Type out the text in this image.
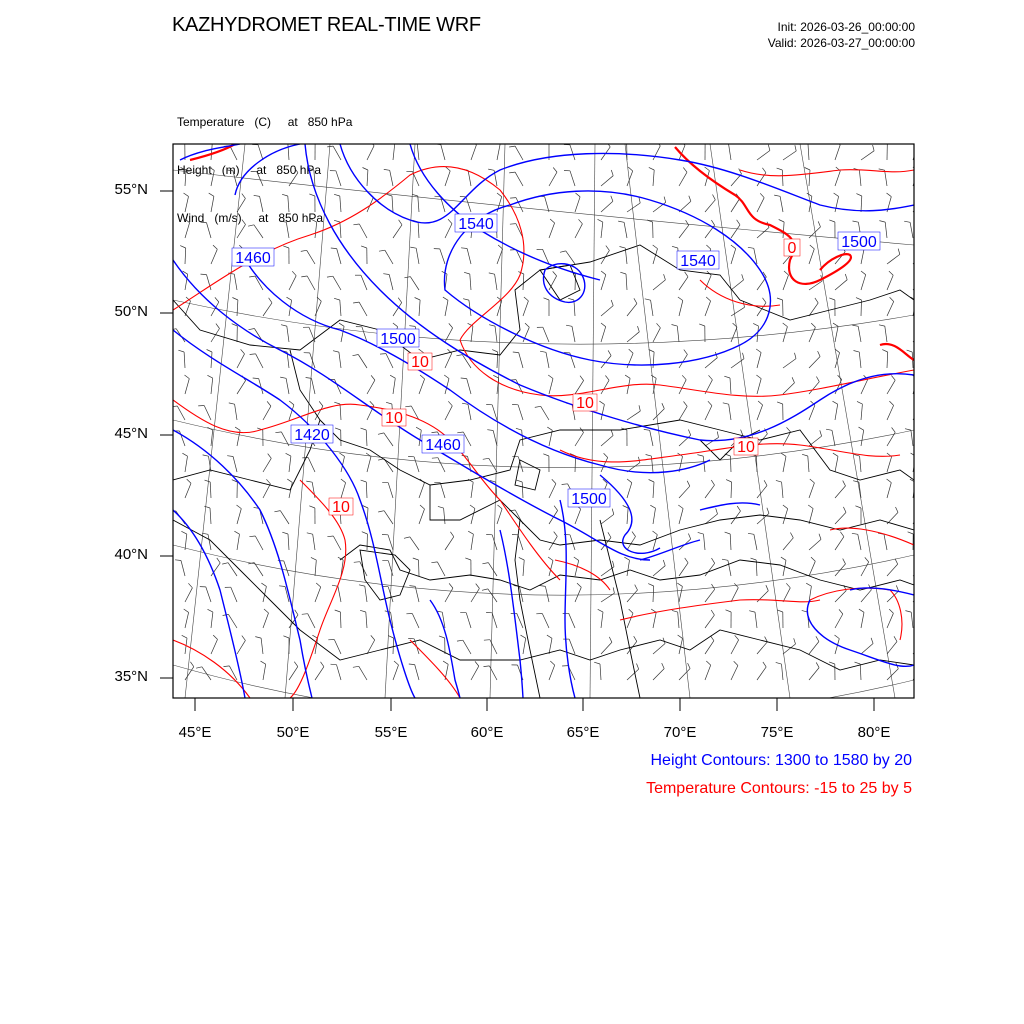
KAZHYDROMET REAL-TIME WRF	Init: 2026-03-26_00:00:00
Valid: 2026-03-27_00:00:00

Temperature   (C)     at   850 hPa

Height   (m)     at   850 hPa

Wind   (m/s)     at   850 hPa	1540
1460	1540
1500
1500
1420
1460
1500
10
10
10
10
10
0
55°N
50°N
45°N
40°N
35°N
45°E	50°E	55°E	60°E	65°E	70°E	75°E	80°E
Height Contours: 1300 to 1580 by 20
Temperature Contours: -15 to 25 by 5
